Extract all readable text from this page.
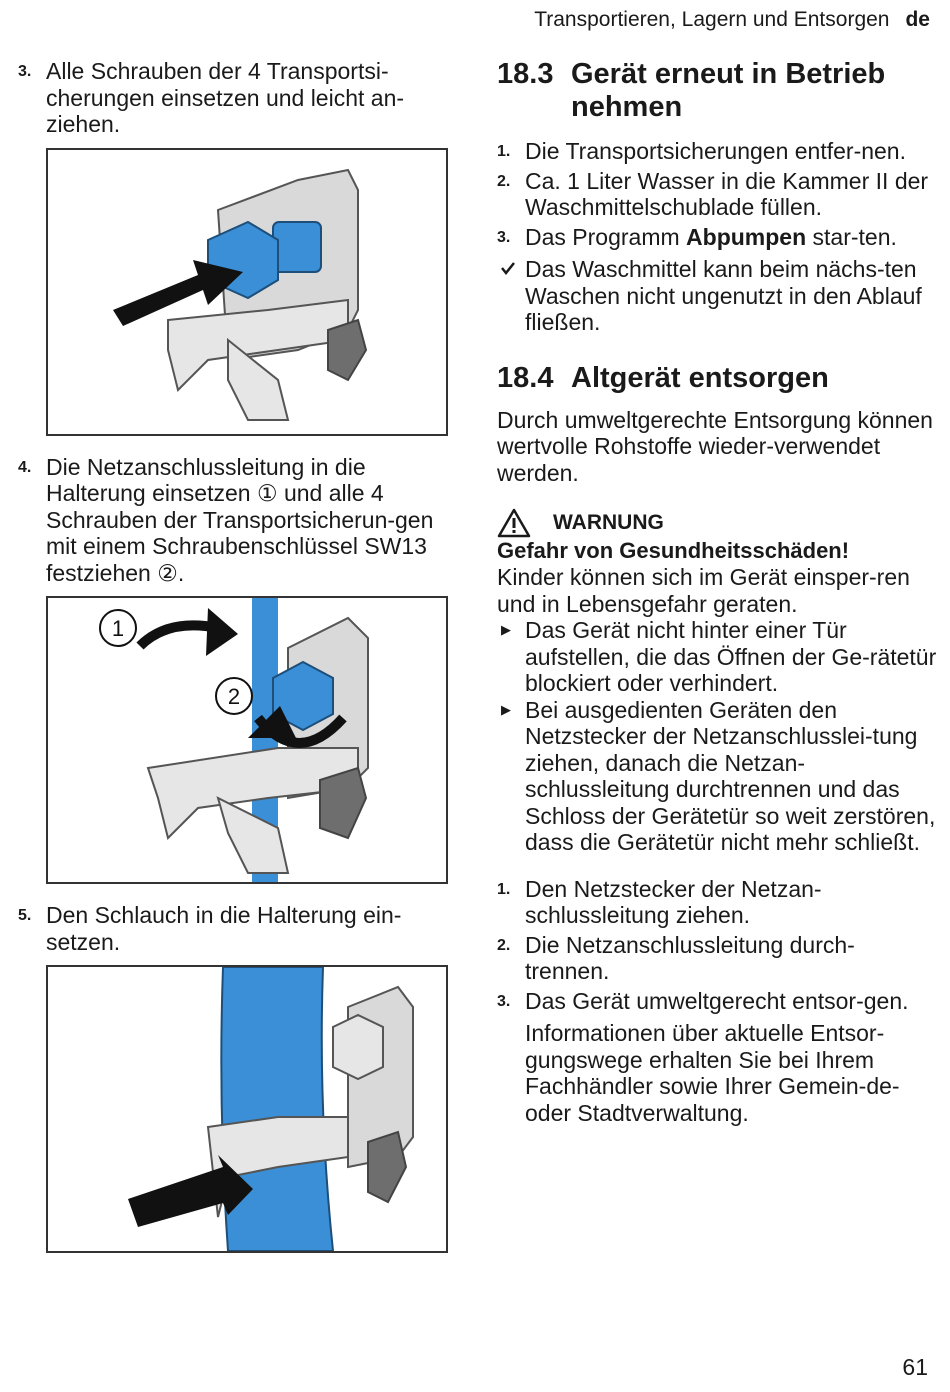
Transportieren, Lagern und Entsorgen de
3. Alle Schrauben der 4 Transportsi-cherungen einsetzen und leicht an-ziehen.
4. Die Netzanschlussleitung in die Halterung einsetzen ① und alle 4 Schrauben der Transportsicherun-gen mit einem Schraubenschlüssel SW13 festziehen ②.
1
2
5. Den Schlauch in die Halterung ein-setzen.
18.3 Gerät erneut in Betrieb nehmen
1. Die Transportsicherungen entfer-nen.
2. Ca. 1 Liter Wasser in die Kammer II der Waschmittelschublade füllen.
3. Das Programm Abpumpen star-ten.
Das Waschmittel kann beim nächs-ten Waschen nicht ungenutzt in den Ablauf fließen.
18.4 Altgerät entsorgen
Durch umweltgerechte Entsorgung können wertvolle Rohstoffe wieder-verwendet werden.
WARNUNG
Gefahr von Gesundheitsschäden!
Kinder können sich im Gerät einsper-ren und in Lebensgefahr geraten.
▶ Das Gerät nicht hinter einer Tür aufstellen, die das Öffnen der Ge-rätetür blockiert oder verhindert.
▶ Bei ausgedienten Geräten den Netzstecker der Netzanschlusslei-tung ziehen, danach die Netzan-schlussleitung durchtrennen und das Schloss der Gerätetür so weit zerstören, dass die Gerätetür nicht mehr schließt.
1. Den Netzstecker der Netzan-schlussleitung ziehen.
2. Die Netzanschlussleitung durch-trennen.
3. Das Gerät umweltgerecht entsor-gen.
Informationen über aktuelle Entsor-gungswege erhalten Sie bei Ihrem Fachhändler sowie Ihrer Gemein-de- oder Stadtverwaltung.
61
